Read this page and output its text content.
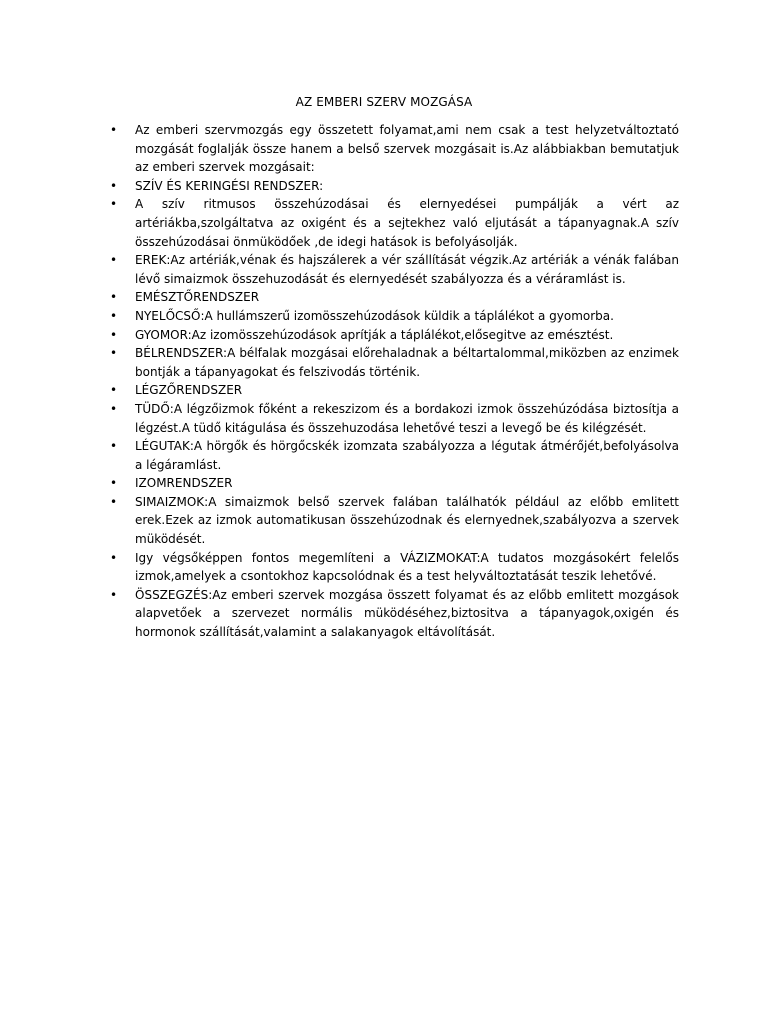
AZ EMBERI SZERV MOZGÁSA
•	Az emberi szervmozgás egy összetett folyamat,ami nem csak a test helyzetváltoztató mozgását foglalják össze hanem a belső szervek mozgásait is.Az alábbiakban bemutatjuk az emberi szervek mozgásait:
•	SZÍV ÉS KERINGÉSI RENDSZER:
•	A szív ritmusos összehúzodásai és elernyedései pumpálják a vért az artériákba,szolgáltatva az oxigént és a sejtekhez való eljutását a tápanyagnak.A szív összehúzodásai önmüködőek ,de idegi hatások is befolyásolják.
•	EREK:Az artériák,vénak és hajszálerek a vér szállítását végzik.Az artériák a vénák falában lévő simaizmok összehuzodását és elernyedését szabályozza és a véráramlást is.
•	EMÉSZTŐRENDSZER
•	NYELŐCSŐ:A hullámszerű izomösszehúzodások küldik a táplálékot a gyomorba.
•	GYOMOR:Az izomösszehúzodások aprítják a táplálékot,elősegitve az emésztést.
•	BÉLRENDSZER:A bélfalak mozgásai előrehaladnak a béltartalommal,miközben az enzimek bontják a tápanyagokat és felszivodás történik.
•	LÉGZŐRENDSZER
•	TÜDŐ:A légzőizmok főként a rekeszizom és a bordakozi izmok összehúzódása biztosítja a légzést.A tüdő kitágulása és összehuzodása lehetővé teszi a levegő be és kilégzését.
•	LÉGUTAK:A hörgők és hörgőcskék izomzata szabályozza a légutak átmérőjét,befolyásolva a légáramlást.
•	IZOMRENDSZER
•	SIMAIZMOK:A simaizmok belső szervek falában találhatók például az előbb emlitett erek.Ezek az izmok automatikusan összehúzodnak és elernyednek,szabályozva a szervek müködését.
•	Igy végsőképpen fontos megemlíteni a VÁZIZMOKAT:A tudatos mozgásokért felelős izmok,amelyek a csontokhoz kapcsolódnak és a test helyváltoztatását teszik lehetővé.
•	ÖSSZEGZÉS:Az emberi szervek mozgása összett folyamat és az előbb emlitett mozgások alapvetőek a szervezet normális müködéséhez,biztositva a tápanyagok,oxigén és hormonok szállítását,valamint a salakanyagok eltávolítását.
